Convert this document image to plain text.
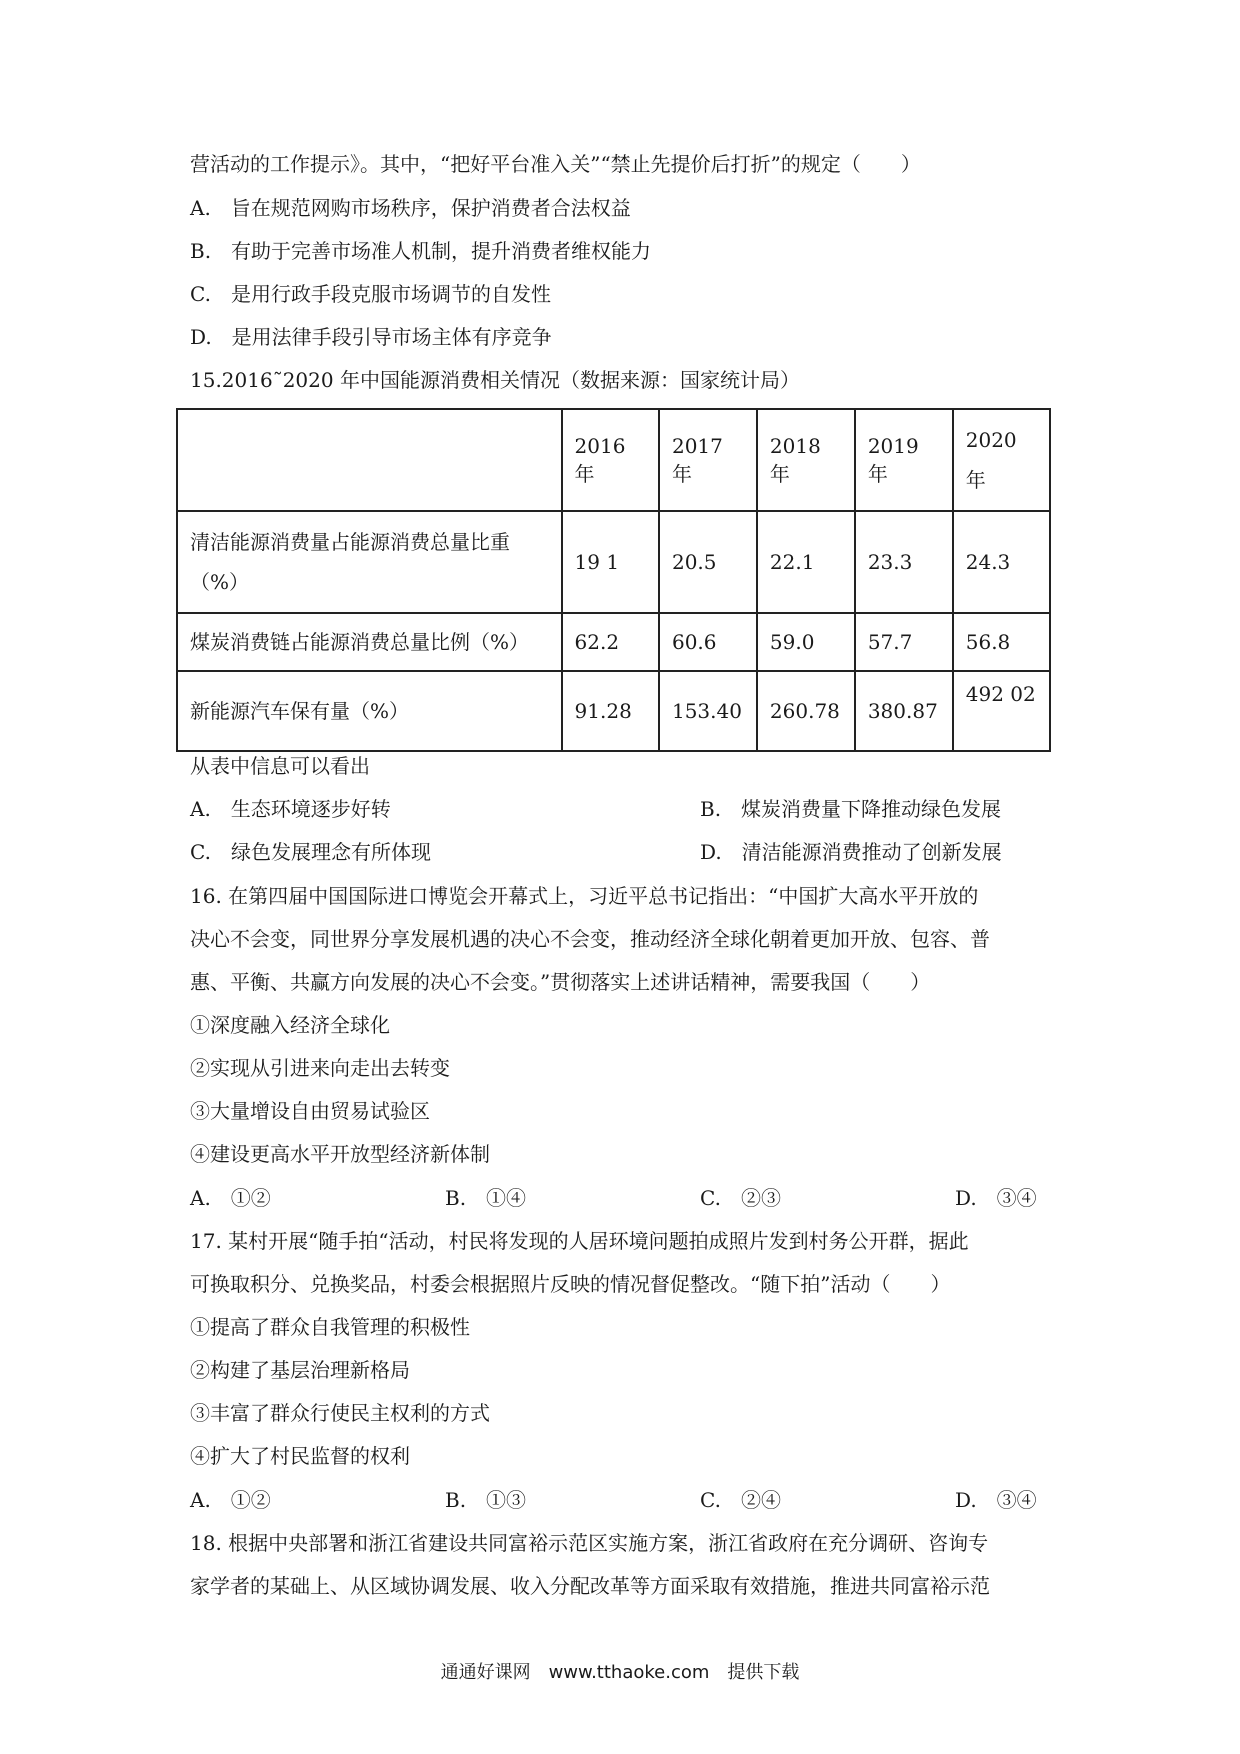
营活动的工作提示》。其中，“把好平台准入关”“禁止先提价后打折”的规定（　　）
A.　旨在规范网购市场秩序，保护消费者合法权益
B.　有助于完善市场准人机制，提升消费者维权能力
C.　是用行政手段克服市场调节的自发性
D.　是用法律手段引导市场主体有序竞争
15.2016˜2020 年中国能源消费相关情况（数据来源：国家统计局）
	2016 年	2017 年	2018 年	2019 年	2020
年
清洁能源消费量占能源消费总量比重
（%）	19 1	20.5	22.1	23.3	24.3
煤炭消费链占能源消费总量比例（%）	62.2	60.6	59.0	57.7	56.8
新能源汽车保有量（%）	91.28	153.40	260.78	380.87	492 02
从表中信息可以看出
A.　生态环境逐步好转	B.　煤炭消费量下降推动绿色发展
C.　绿色发展理念有所体现	D.　清洁能源消费推动了创新发展
16. 在第四届中国国际进口博览会开幕式上，习近平总书记指出：“中国扩大高水平开放的
决心不会变，同世界分享发展机遇的决心不会变，推动经济全球化朝着更加开放、包容、普
惠、平衡、共赢方向发展的决心不会变。”贯彻落实上述讲话精神，需要我国（　　）
①深度融入经济全球化
②实现从引进来向走出去转变
③大量增设自由贸易试验区
④建设更高水平开放型经济新体制
A.　①②	B.　①④	C.　②③	D.　③④
17. 某村开展“随手拍“活动，村民将发现的人居环境问题拍成照片发到村务公开群，据此
可换取积分、兑换奖品，村委会根据照片反映的情况督促整改。“随下拍”活动（　　）
①提高了群众自我管理的积极性
②构建了基层治理新格局
③丰富了群众行使民主权利的方式
④扩大了村民监督的权利
A.　①②	B.　①③	C.　②④	D.　③④
18. 根据中央部署和浙江省建设共同富裕示范区实施方案，浙江省政府在充分调研、咨询专
家学者的某础上、从区域协调发展、收入分配改革等方面采取有效措施，推进共同富裕示范
通通好课网　www.tthaoke.com　提供下载
